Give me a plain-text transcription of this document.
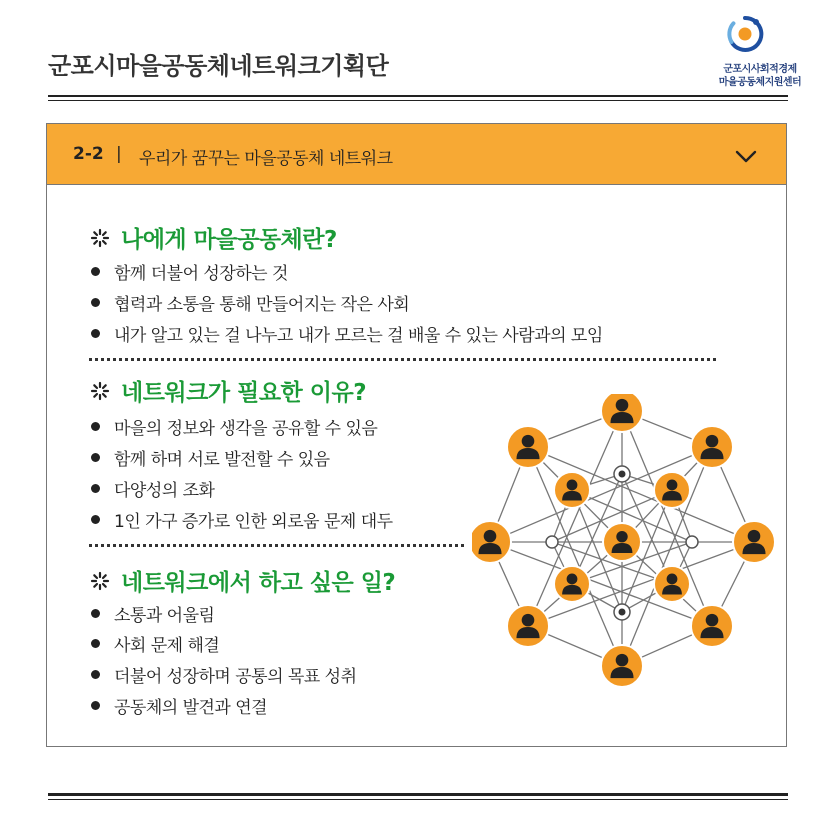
군포시마을공동체네트워크기획단	군포시사회적경제
마을공동체지원센터
2-2 | 우리가 꿈꾸는 마을공동체 네트워크
나에게 마을공동체란?
함께 더불어 성장하는 것
협력과 소통을 통해 만들어지는 작은 사회
내가 알고 있는 걸 나누고 내가 모르는 걸 배울 수 있는 사람과의 모임
네트워크가 필요한 이유?
마을의 정보와 생각을 공유할 수 있음
함께 하며 서로 발전할 수 있음
다양성의 조화
1인 가구 증가로 인한 외로움 문제 대두
네트워크에서 하고 싶은 일?
소통과 어울림
사회 문제 해결
더불어 성장하며 공통의 목표 성취
공동체의 발견과 연결
